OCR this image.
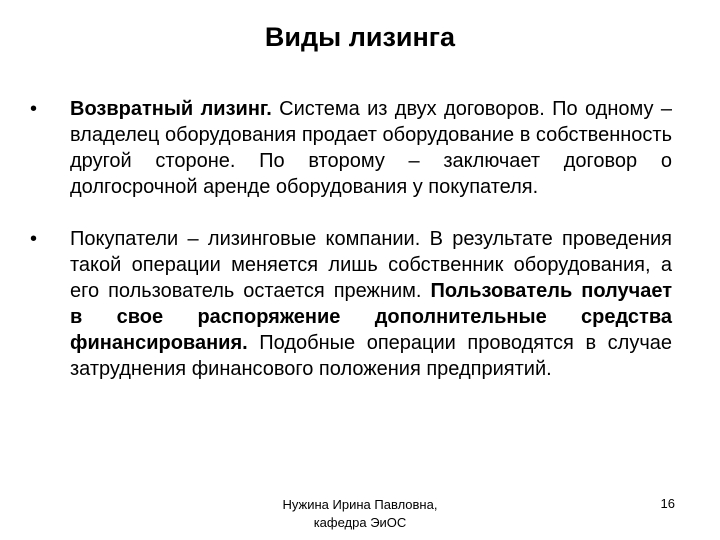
Виды лизинга
•	Возвратный лизинг. Система из двух договоров. По одному – владелец оборудования продает оборудование в собственность другой стороне. По второму – заключает договор о долгосрочной аренде оборудования у покупателя.
•	Покупатели – лизинговые компании. В результате проведения такой операции меняется лишь собственник оборудования, а его пользователь остается прежним. Пользователь получает в свое распоряжение дополнительные средства финансирования. Подобные операции проводятся в случае затруднения финансового положения предприятий.
Нужина Ирина Павловна,
кафедра ЭиОС
16
